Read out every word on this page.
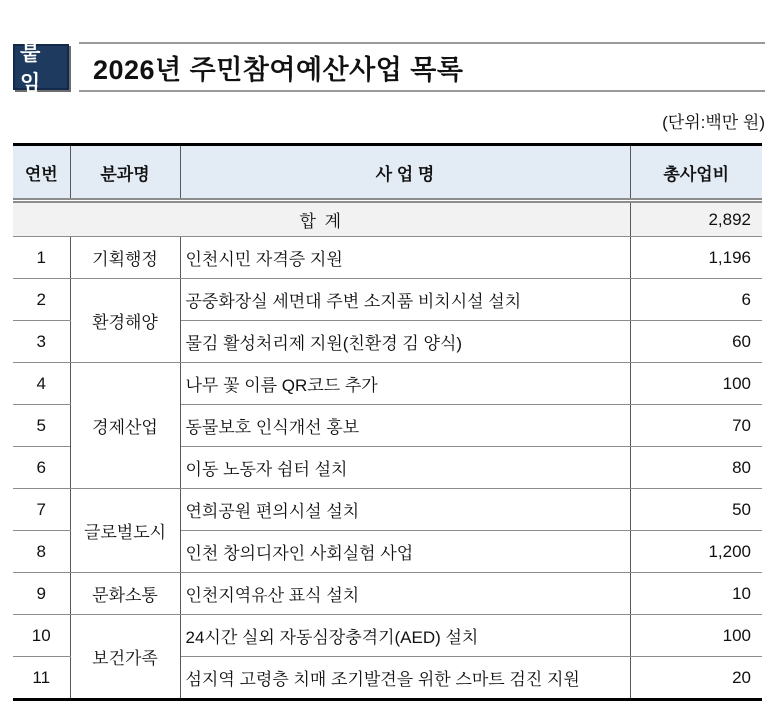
붙 임	2026년 주민참여예산사업 목록
(단위:백만 원)
연번	분과명	사 업 명	총사업비
합 계			2,892
1	기획행정	인천시민 자격증 지원	1,196
2	환경해양	공중화장실 세면대 주변 소지품 비치시설 설치	6
3		물김 활성처리제 지원(친환경 김 양식)	60
4	경제산업	나무 꽃 이름 QR코드 추가	100
5		동물보호 인식개선 홍보	70
6		이동 노동자 쉼터 설치	80
7	글로벌도시	연희공원 편의시설 설치	50
8		인천 창의디자인 사회실험 사업	1,200
9	문화소통	인천지역유산 표식 설치	10
10	보건가족	24시간 실외 자동심장충격기(AED) 설치	100
11		섬지역 고령층 치매 조기발견을 위한 스마트 검진 지원	20
